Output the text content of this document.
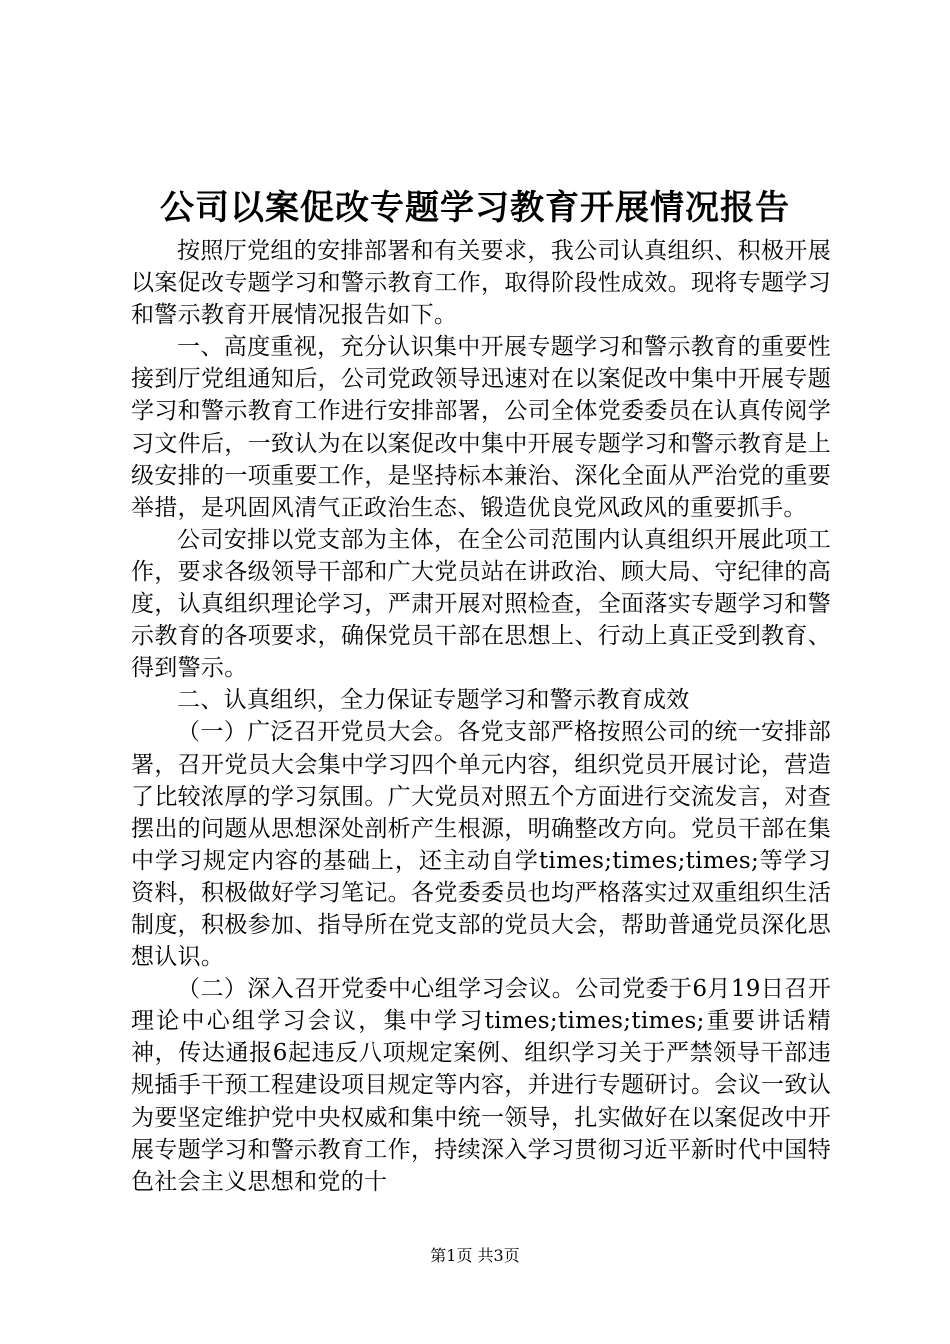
公司以案促改专题学习教育开展情况报告

按照厅党组的安排部署和有关要求，我公司认真组织、积极开展以案促改专题学习和警示教育工作，取得阶段性成效。现将专题学习和警示教育开展情况报告如下。

一、高度重视，充分认识集中开展专题学习和警示教育的重要性接到厅党组通知后，公司党政领导迅速对在以案促改中集中开展专题学习和警示教育工作进行安排部署，公司全体党委委员在认真传阅学习文件后，一致认为在以案促改中集中开展专题学习和警示教育是上级安排的一项重要工作，是坚持标本兼治、深化全面从严治党的重要举措，是巩固风清气正政治生态、锻造优良党风政风的重要抓手。

公司安排以党支部为主体，在全公司范围内认真组织开展此项工作，要求各级领导干部和广大党员站在讲政治、顾大局、守纪律的高度，认真组织理论学习，严肃开展对照检查，全面落实专题学习和警示教育的各项要求，确保党员干部在思想上、行动上真正受到教育、得到警示。

二、认真组织，全力保证专题学习和警示教育成效

（一）广泛召开党员大会。各党支部严格按照公司的统一安排部署，召开党员大会集中学习四个单元内容，组织党员开展讨论，营造了比较浓厚的学习氛围。广大党员对照五个方面进行交流发言，对查摆出的问题从思想深处剖析产生根源，明确整改方向。党员干部在集中学习规定内容的基础上，还主动自学times;times;times;等学习资料，积极做好学习笔记。各党委委员也均严格落实过双重组织生活制度，积极参加、指导所在党支部的党员大会，帮助普通党员深化思想认识。

（二）深入召开党委中心组学习会议。公司党委于6月19日召开理论中心组学习会议，集中学习times;times;times;重要讲话精神，传达通报6起违反八项规定案例、组织学习关于严禁领导干部违规插手干预工程建设项目规定等内容，并进行专题研讨。会议一致认为要坚定维护党中央权威和集中统一领导，扎实做好在以案促改中开展专题学习和警示教育工作，持续深入学习贯彻习近平新时代中国特色社会主义思想和党的十

第1页 共3页
